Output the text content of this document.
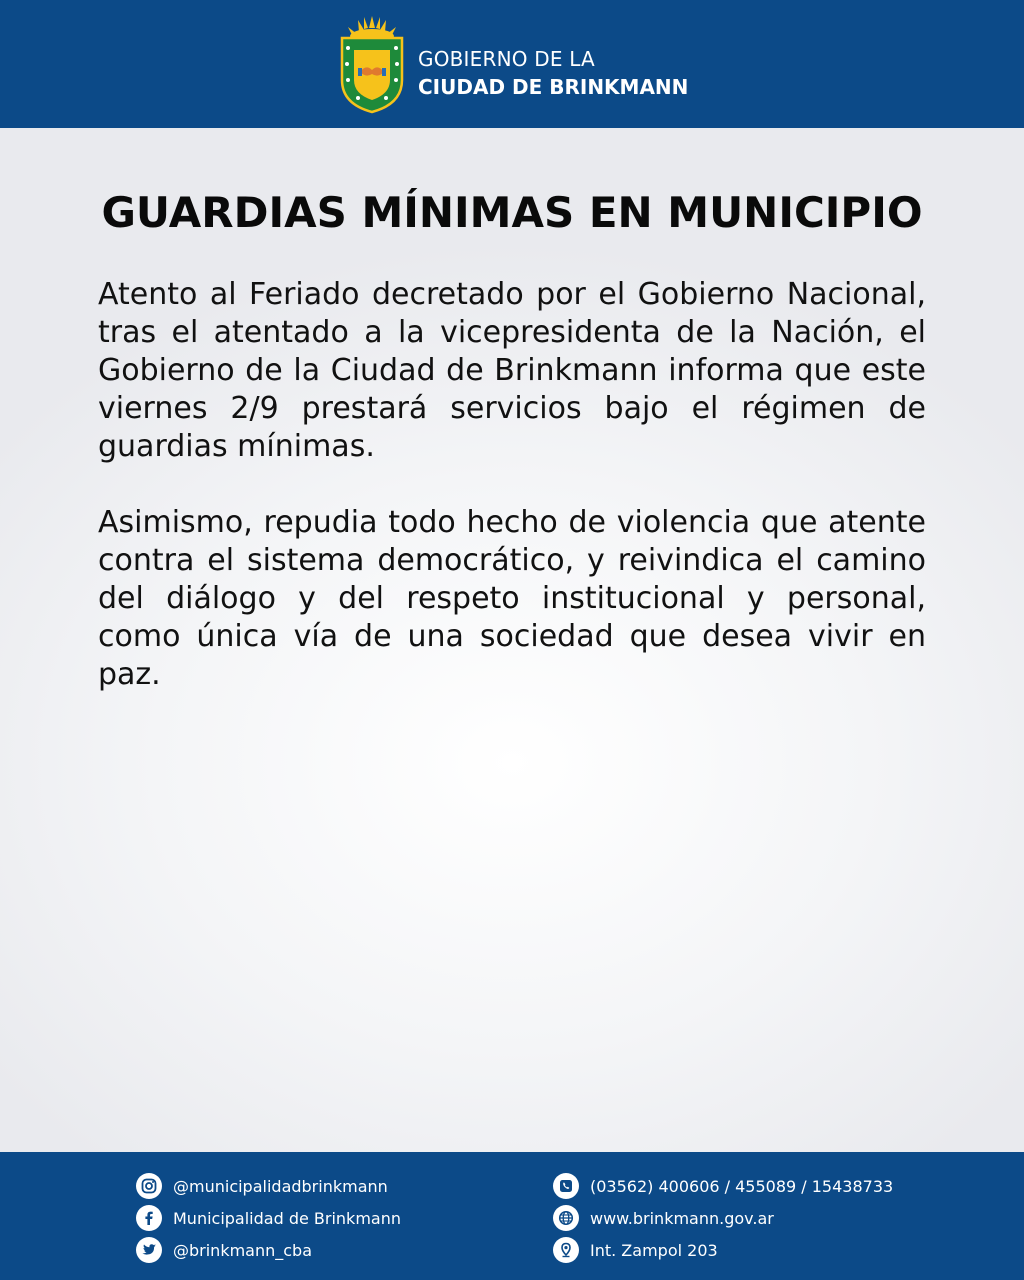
GOBIERNO DE LA
CIUDAD DE BRINKMANN
GUARDIAS MÍNIMAS EN MUNICIPIO

Atento al Feriado decretado por el Gobierno Nacional, tras el atentado a la vicepresidenta de la Nación, el Gobierno de la Ciudad de Brinkmann informa que este viernes 2/9 prestará servicios bajo el régimen de guardias mínimas.

Asimismo, repudia todo hecho de violencia que atente contra el sistema democrático, y reivindica el camino del diálogo y del respeto institucional y personal, como única vía de una sociedad que desea vivir en paz.

@municipalidadbrinkmann
Municipalidad de Brinkmann
@brinkmann_cba
(03562) 400606 / 455089 / 15438733
www.brinkmann.gov.ar
Int. Zampol 203
